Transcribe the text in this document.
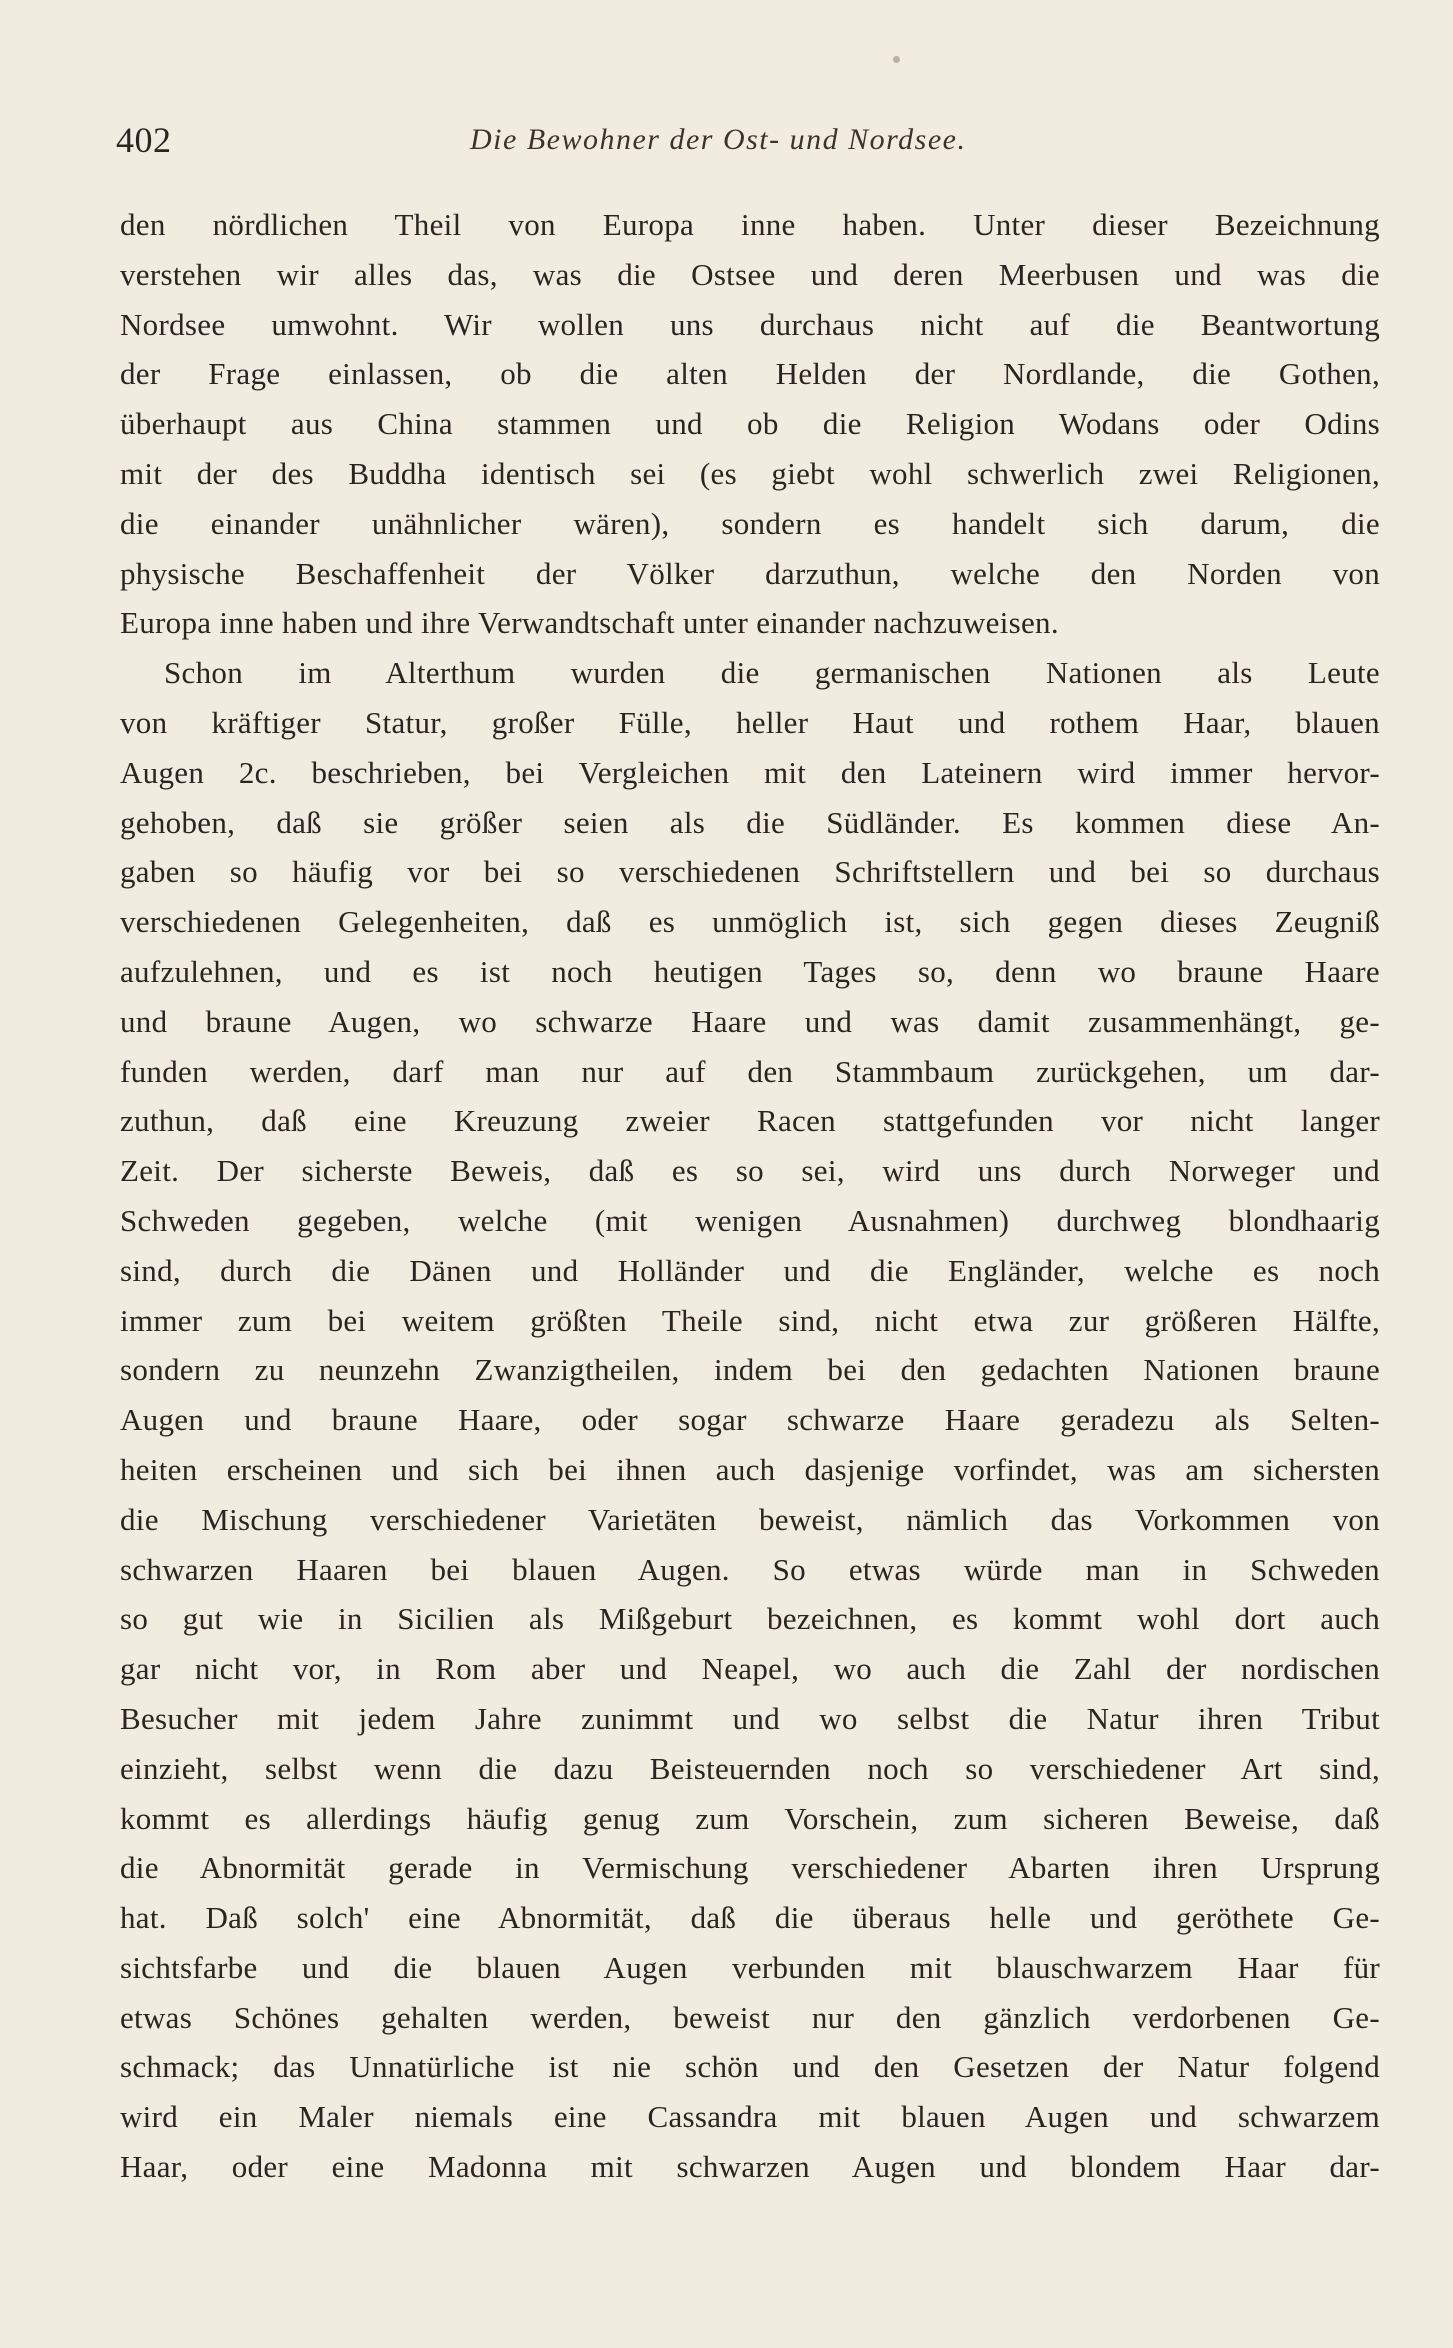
402	Die Bewohner der Ost- und Nordsee.
den nördlichen Theil von Europa inne haben. Unter dieser Bezeichnung
verstehen wir alles das, was die Ostsee und deren Meerbusen und was die
Nordsee umwohnt. Wir wollen uns durchaus nicht auf die Beantwortung
der Frage einlassen, ob die alten Helden der Nordlande, die Gothen,
überhaupt aus China stammen und ob die Religion Wodans oder Odins
mit der des Buddha identisch sei (es giebt wohl schwerlich zwei Religionen,
die einander unähnlicher wären), sondern es handelt sich darum, die
physische Beschaffenheit der Völker darzuthun, welche den Norden von
Europa inne haben und ihre Verwandtschaft unter einander nachzuweisen.
Schon im Alterthum wurden die germanischen Nationen als Leute
von kräftiger Statur, großer Fülle, heller Haut und rothem Haar, blauen
Augen 2c. beschrieben, bei Vergleichen mit den Lateinern wird immer hervor-
gehoben, daß sie größer seien als die Südländer. Es kommen diese An-
gaben so häufig vor bei so verschiedenen Schriftstellern und bei so durchaus
verschiedenen Gelegenheiten, daß es unmöglich ist, sich gegen dieses Zeugniß
aufzulehnen, und es ist noch heutigen Tages so, denn wo braune Haare
und braune Augen, wo schwarze Haare und was damit zusammenhängt, ge-
funden werden, darf man nur auf den Stammbaum zurückgehen, um dar-
zuthun, daß eine Kreuzung zweier Racen stattgefunden vor nicht langer
Zeit. Der sicherste Beweis, daß es so sei, wird uns durch Norweger und
Schweden gegeben, welche (mit wenigen Ausnahmen) durchweg blondhaarig
sind, durch die Dänen und Holländer und die Engländer, welche es noch
immer zum bei weitem größten Theile sind, nicht etwa zur größeren Hälfte,
sondern zu neunzehn Zwanzigtheilen, indem bei den gedachten Nationen braune
Augen und braune Haare, oder sogar schwarze Haare geradezu als Selten-
heiten erscheinen und sich bei ihnen auch dasjenige vorfindet, was am sichersten
die Mischung verschiedener Varietäten beweist, nämlich das Vorkommen von
schwarzen Haaren bei blauen Augen. So etwas würde man in Schweden
so gut wie in Sicilien als Mißgeburt bezeichnen, es kommt wohl dort auch
gar nicht vor, in Rom aber und Neapel, wo auch die Zahl der nordischen
Besucher mit jedem Jahre zunimmt und wo selbst die Natur ihren Tribut
einzieht, selbst wenn die dazu Beisteuernden noch so verschiedener Art sind,
kommt es allerdings häufig genug zum Vorschein, zum sicheren Beweise, daß
die Abnormität gerade in Vermischung verschiedener Abarten ihren Ursprung
hat. Daß solch' eine Abnormität, daß die überaus helle und geröthete Ge-
sichtsfarbe und die blauen Augen verbunden mit blauschwarzem Haar für
etwas Schönes gehalten werden, beweist nur den gänzlich verdorbenen Ge-
schmack; das Unnatürliche ist nie schön und den Gesetzen der Natur folgend
wird ein Maler niemals eine Cassandra mit blauen Augen und schwarzem
Haar, oder eine Madonna mit schwarzen Augen und blondem Haar dar-
